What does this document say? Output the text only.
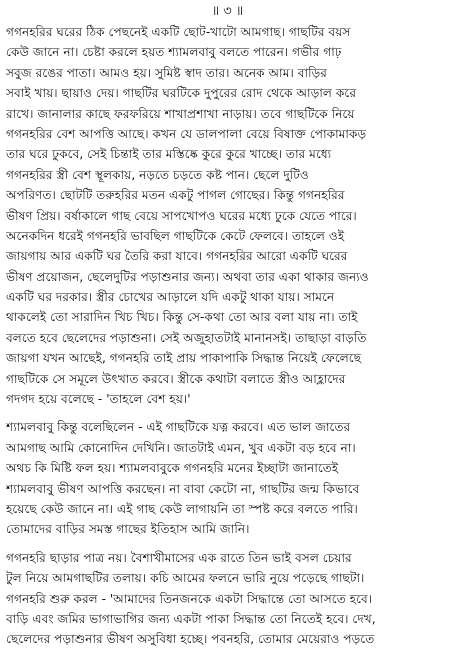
॥ ৩ ॥
গগনহরির ঘরের ঠিক পেছনেই একটি ছোট-খাটো আমগাছ। গাছটির বয়স
কেউ জানে না। চেষ্টা করলে হয়ত শ্যামলবাবু বলতে পারেন। গভীর গাঢ়
সবুজ রঙের পাতা। আমও হয়। সুমিষ্ট স্বাদ তার। অনেক আম। বাড়ির
সবাই খায়। ছায়াও দেয়। গাছটির ঘরটিকে দুপুরের রোদ থেকে আড়াল করে
রাখে। জানালার কাছে ফরফরিয়ে শাখাপ্রশাখা নাড়ায়। তবে গাছটিকে নিয়ে
গগনহরির বেশ আপত্তি আছে। কখন যে ডালপালা বেয়ে বিষাক্ত পোকামাকড়
তার ঘরে ঢুকবে, সেই চিন্তাই তার মস্তিষ্কে কুরে কুরে খাচ্ছে। তার মধ্যে
গগনহরির স্ত্রী বেশ স্থূলকায়, নড়তে চড়তে কষ্ট পান। ছেলে দুটিও
অপরিণত। ছোটটি তরুহরির মতন একটু পাগল গোছের। কিন্তু গগনহরির
ভীষণ প্রিয়। বর্ষাকালে গাছ বেয়ে সাপখোপও ঘরের মধ্যে ঢুকে যেতে পারে।
অনেকদিন ধরেই গগনহরি ভাবছিল গাছটিকে কেটে ফেলবে। তাহলে ওই
জায়গায় আর একটি ঘর তৈরি করা যাবে। গগনহরির আরো একটি ঘরের
ভীষণ প্রয়োজন, ছেলেদুটির পড়াশুনার জন্য। অথবা তার একা থাকার জন্যও
একটি ঘর দরকার। স্ত্রীর চোখের আড়ালে যদি একটু থাকা যায়। সামনে
থাকলেই তো সারাদিন খিচ খিচ। কিন্তু সে-কথা তো আর বলা যায় না। তাই
বলতে হবে ছেলেদের পড়াশুনা। সেই অজুহাতটাই মানানসই। তাছাড়া বাড়তি
জায়গা যখন আছেই, গগনহরি তাই প্রায় পাকাপাকি সিদ্ধান্ত নিয়েই ফেলেছে
গাছটিকে সে সমূলে উৎখাত করবে। স্ত্রীকে কথাটা বলাতে স্ত্রীও আহ্লাদের
গদগদ হয়ে বলেছে - 'তাহলে বেশ হয়।'
শ্যামলবাবু কিন্তু বলেছিলেন - এই গাছটিকে যত্ন করবে। এত ভাল জাতের
আমগাছ আমি কোনোদিন দেখিনি। জাতটাই এমন, খুব একটা বড় হবে না।
অথচ কি মিষ্টি ফল হয়। শ্যামলবাবুকে গগনহরি মনের ইচ্ছাটা জানাতেই
শ্যামলবাবু ভীষণ আপত্তি করছেন। না বাবা কেটো না, গাছটির জন্ম কিভাবে
হয়েছে কেউ জানে না। এই গাছ কেউ লাগায়নি তা স্পষ্ট করে বলতে পারি।
তোমাদের বাড়ির সমস্ত গাছের ইতিহাস আমি জানি।
গগনহরি ছাড়ার পাত্র নয়। বৈশাখীমাসের এক রাতে তিন ভাই বসল চেয়ার
টুল নিয়ে আমগাছটির তলায়। কচি আমের ফলনে ভারি নুয়ে পড়েছে গাছটা।
গগনহরি শুরু করল - 'আমাদের তিনজনকে একটা সিদ্ধান্তে তো আসতে হবে।
বাড়ি এবং জমির ভাগাভাগির জন্য একটা পাকা সিদ্ধান্ত তো নিতেই হবে। দেখ,
ছেলেদের পড়াশুনার ভীষণ অসুবিধা হচ্ছে। পবনহরি, তোমার মেয়েরাও পড়তে
